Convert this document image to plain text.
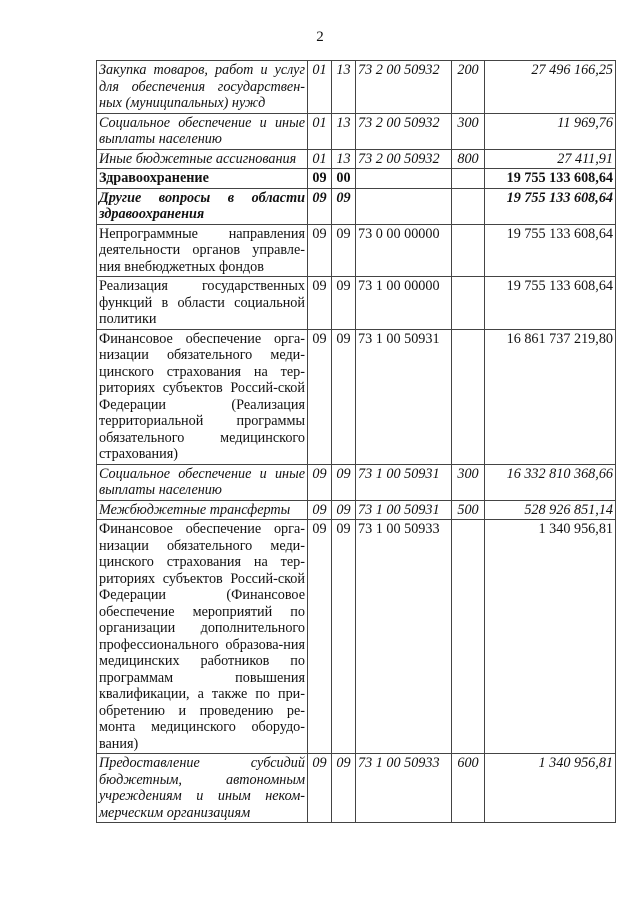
2
Закупка товаров, работ и услуг для обеспечения государствен-ных (муниципальных) нужд	01	13	73 2 00 50932	200	27 496 166,25
Социальное обеспечение и иные выплаты населению	01	13	73 2 00 50932	300	11 969,76
Иные бюджетные ассигнования	01	13	73 2 00 50932	800	27 411,91
Здравоохранение	09	00			19 755 133 608,64
Другие вопросы в области здравоохранения	09	09			19 755 133 608,64
Непрограммные направления деятельности органов управле-ния внебюджетных фондов	09	09	73 0 00 00000		19 755 133 608,64
Реализация государственных функций в области социальной политики	09	09	73 1 00 00000		19 755 133 608,64
Финансовое обеспечение орга-низации обязательного меди-цинского страхования на тер-риториях субъектов Россий-ской Федерации (Реализация территориальной программы обязательного медицинского страхования)	09	09	73 1 00 50931		16 861 737 219,80
Социальное обеспечение и иные выплаты населению	09	09	73 1 00 50931	300	16 332 810 368,66
Межбюджетные трансферты	09	09	73 1 00 50931	500	528 926 851,14
Финансовое обеспечение орга-низации обязательного меди-цинского страхования на тер-риториях субъектов Россий-ской Федерации (Финансовое обеспечение мероприятий по организации дополнительного профессионального образова-ния медицинских работников по программам повышения квалификации, а также по при-обретению и проведению ре-монта медицинского оборудо-вания)	09	09	73 1 00 50933		1 340 956,81
Предоставление субсидий бюджетным, автономным учреждениям и иным неком-мерческим организациям	09	09	73 1 00 50933	600	1 340 956,81
